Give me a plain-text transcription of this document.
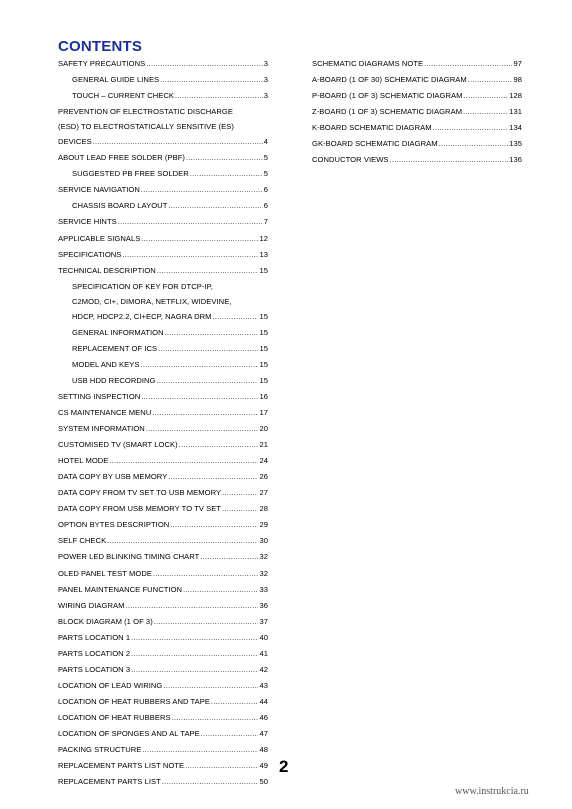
CONTENTS
SAFETY PRECAUTIONS .....	3
GENERAL GUIDE LINES .....	3
TOUCH – CURRENT CHECK .....	3
PREVENTION OF ELECTROSTATIC DISCHARGE
(ESD) TO ELECTROSTATICALLY SENSITIVE (ES)
DEVICES .....	4
ABOUT LEAD FREE SOLDER (PBF) .....	5
SUGGESTED PB FREE SOLDER .....	5
SERVICE NAVIGATION .....	6
CHASSIS BOARD LAYOUT .....	6
SERVICE HINTS .....	7
APPLICABLE SIGNALS .....	12
SPECIFICATIONS .....	13
TECHNICAL DESCRIPTION .....	15
SPECIFICATION OF KEY FOR DTCP-IP,
C2MOD, CI+, DIMORA, NETFLIX, WIDEVINE,
HDCP, HDCP2.2, CI+ECP, NAGRA DRM .....	15
GENERAL INFORMATION .....	15
REPLACEMENT OF ICS .....	15
MODEL AND KEYS .....	15
USB HDD RECORDING .....	15
SETTING INSPECTION .....	16
CS MAINTENANCE MENU .....	17
SYSTEM INFORMATION .....	20
CUSTOMISED TV (SMART LOCK) .....	21
HOTEL MODE .....	24
DATA COPY BY USB MEMORY .....	26
DATA COPY FROM TV SET TO USB MEMORY .....	27
DATA COPY FROM USB MEMORY TO TV SET .....	28
OPTION BYTES DESCRIPTION .....	29
SELF CHECK .....	30
POWER LED BLINKING TIMING CHART .....	32
OLED PANEL TEST MODE .....	32
PANEL MAINTENANCE FUNCTION .....	33
WIRING DIAGRAM .....	36
BLOCK DIAGRAM (1 OF 3) .....	37
PARTS LOCATION 1 .....	40
PARTS LOCATION 2 .....	41
PARTS LOCATION 3 .....	42
LOCATION OF LEAD WIRING .....	43
LOCATION OF HEAT RUBBERS AND TAPE .....	44
LOCATION OF HEAT RUBBERS .....	46
LOCATION OF SPONGES AND AL TAPE .....	47
PACKING STRUCTURE .....	48
REPLACEMENT PARTS LIST NOTE .....	49
REPLACEMENT PARTS LIST .....	50
SCHEMATIC DIAGRAMS NOTE .....	97
A-BOARD (1 OF 30) SCHEMATIC DIAGRAM .....	98
P-BOARD (1 OF 3) SCHEMATIC DIAGRAM .....	128
Z-BOARD (1 OF 3) SCHEMATIC DIAGRAM .....	131
K-BOARD SCHEMATIC DIAGRAM .....	134
GK-BOARD SCHEMATIC DIAGRAM .....	135
CONDUCTOR VIEWS .....	136
2
www.instrukcia.ru
